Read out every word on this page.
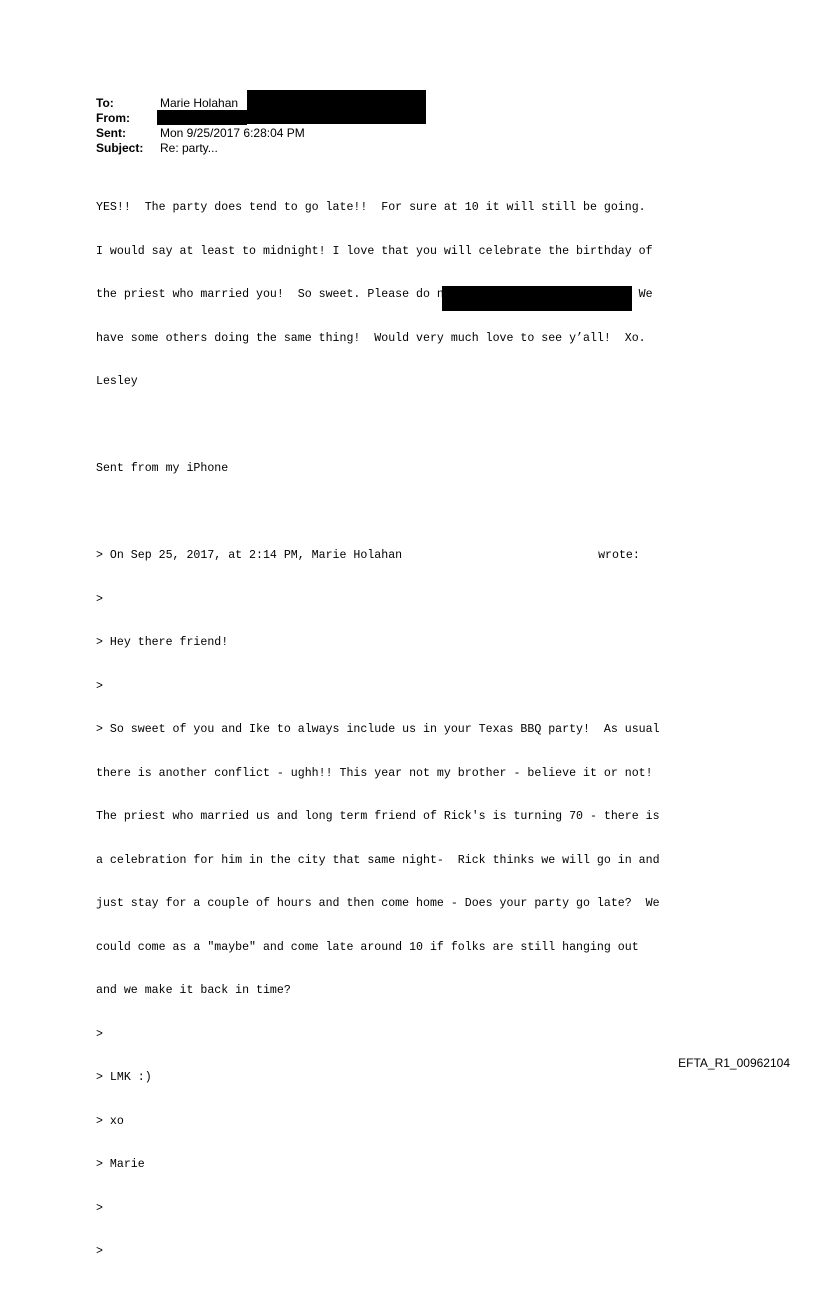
To:	Marie Holahan
From:
Sent:	Mon 9/25/2017 6:28:04 PM
Subject:	Re: party...

YES!!  The party does tend to go late!!  For sure at 10 it will still be going.

I would say at least to midnight! I love that you will celebrate the birthday of

the priest who married you!  So sweet. Please do not hesitate to come late!!  We

have some others doing the same thing!  Would very much love to see y’all!  Xo.

Lesley

Sent from my iPhone

> On Sep 25, 2017, at 2:14 PM, Marie Holahan	wrote:

>

> Hey there friend!

>

> So sweet of you and Ike to always include us in your Texas BBQ party!  As usual

there is another conflict - ughh!! This year not my brother - believe it or not!

The priest who married us and long term friend of Rick's is turning 70 - there is

a celebration for him in the city that same night-  Rick thinks we will go in and

just stay for a couple of hours and then come home - Does your party go late?  We

could come as a "maybe" and come late around 10 if folks are still hanging out

and we make it back in time?

>

> LMK :)

> xo

> Marie

>

>

EFTA_R1_00962104
